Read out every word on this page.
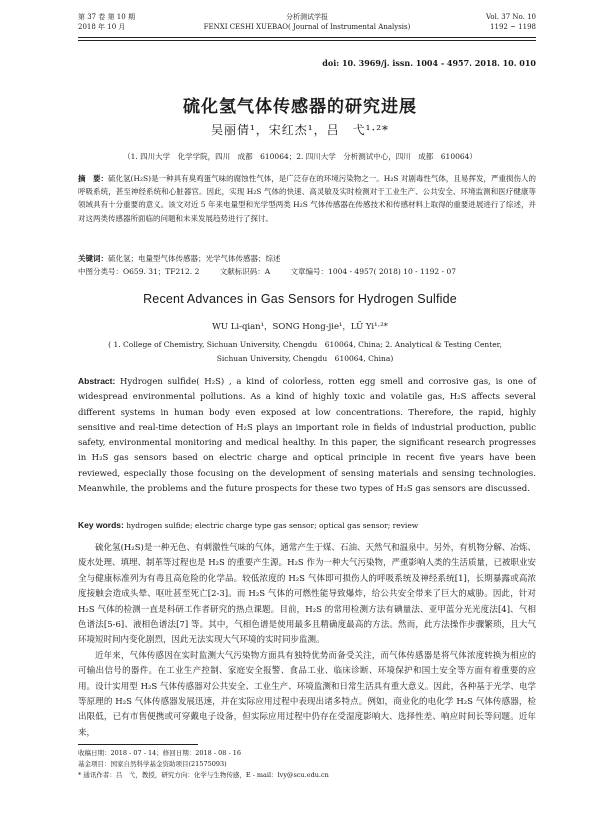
第 37 卷 第 10 期
2018 年 10 月
分析测试学报
FENXI CESHI XUEBAO( Journal of Instrumental Analysis)
Vol. 37 No. 10
1192 ~ 1198
doi: 10. 3969/j. issn. 1004 - 4957. 2018. 10. 010
硫化氢气体传感器的研究进展
吴丽倩¹，宋红杰¹，吕　弋¹·²*
（1. 四川大学　化学学院，四川　成都　610064；2. 四川大学　分析测试中心，四川　成都　610064）
摘　要：硫化氢(H₂S)是一种具有臭鸡蛋气味的腐蚀性气体，是广泛存在的环境污染物之一。H₂S 对剧毒性气体，且易挥发，严重损伤人的呼吸系统，甚至神经系统和心脏器官。因此，实现 H₂S 气体的快速、高灵敏及实时检测对于工业生产、公共安全、环境监测和医疗健康等领域具有十分重要的意义。该文对近 5 年来电量型和光学型两类 H₂S 气体传感器在传感技术和传感材料上取得的重要进展进行了综述，并对这两类传感器所面临的问题和未来发展趋势进行了探讨。
关键词：硫化氢；电量型气体传感器；光学气体传感器；综述
中图分类号：O659. 31；TF212. 2	文献标识码：A	文章编号：1004 - 4957( 2018) 10 - 1192 - 07
Recent Advances in Gas Sensors for Hydrogen Sulfide
WU Li-qian¹，SONG Hong-jie¹，LÜ Yi¹·²*
( 1. College of Chemistry, Sichuan University, Chengdu　610064, China; 2. Analytical & Testing Center,
Sichuan University, Chengdu　610064, China)
Abstract: Hydrogen sulfide( H₂S) , a kind of colorless, rotten egg smell and corrosive gas, is one of widespread environmental pollutions. As a kind of highly toxic and volatile gas, H₂S affects several different systems in human body even exposed at low concentrations. Therefore, the rapid, highly sensitive and real-time detection of H₂S plays an important role in fields of industrial production, public safety, environmental monitoring and medical healthy. In this paper, the significant research progresses in H₂S gas sensors based on electric charge and optical principle in recent five years have been reviewed, especially those focusing on the development of sensing materials and sensing technologies. Meanwhile, the problems and the future prospects for these two types of H₂S gas sensors are discussed.
Key words: hydrogen sulfide; electric charge type gas sensor; optical gas sensor; review

硫化氢(H₂S)是一种无色、有刺激性气味的气体，通常产生于煤、石油、天然气和温泉中。另外，有机物分解、冶炼、废水处理、填埋、制革等过程也是 H₂S 的重要产生源。H₂S 作为一种大气污染物，严重影响人类的生活质量，已被职业安全与健康标准列为有毒且高危险的化学品。较低浓度的 H₂S 气体即可损伤人的呼吸系统及神经系统[1]，长期暴露或高浓度接触会造成头晕、呕吐甚至死亡[2-3]。而 H₂S 气体的可燃性能导致爆炸，给公共安全带来了巨大的威胁。因此，针对 H₂S 气体的检测一直是科研工作者研究的热点课题。目前，H₂S 的常用检测方法有碘量法、亚甲蓝分光光度法[4]、气相色谱法[5-6]、液相色谱法[7] 等。其中，气相色谱是使用最多且精确度最高的方法。然而，此方法操作步骤繁琐，且大气环境短时间内变化剧烈，因此无法实现大气环境的实时同步监测。

近年来，气体传感因在实时监测大气污染物方面具有独特优势而备受关注，而气体传感器是将气体浓度转换为相应的可输出信号的器件。在工业生产控制、家庭安全报警、食品工业、临床诊断、环境保护和国土安全等方面有着重要的应用。设计实用型 H₂S 气体传感器对公共安全、工业生产、环境监测和日常生活具有重大意义。因此，各种基于光学、电学等原理的 H₂S 气体传感器发展迅速，并在实际应用过程中表现出诸多特点。例如，商业化的电化学 H₂S 气体传感器，检出限低，已有市售便携或可穿戴电子设备，但实际应用过程中仍存在受湿度影响大、选择性差、响应时间长等问题。近年来，

收稿日期：2018 - 07 - 14；修回日期：2018 - 08 - 16
基金项目：国家自然科学基金资助项目(21575093)
* 通讯作者：吕　弋，教授，研究方向：化学与生物传感，E - mail：lvy@scu.edu.cn
